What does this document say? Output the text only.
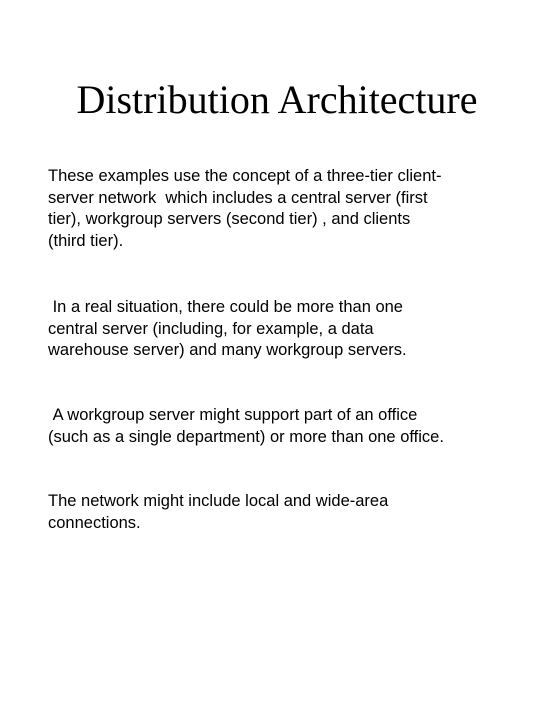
Distribution Architecture

These examples use the concept of a three-tier client-
server network  which includes a central server (first
tier), workgroup servers (second tier) , and clients
(third tier).

In a real situation, there could be more than one
central server (including, for example, a data
warehouse server) and many workgroup servers.

A workgroup server might support part of an office
(such as a single department) or more than one office.

The network might include local and wide-area
connections.
